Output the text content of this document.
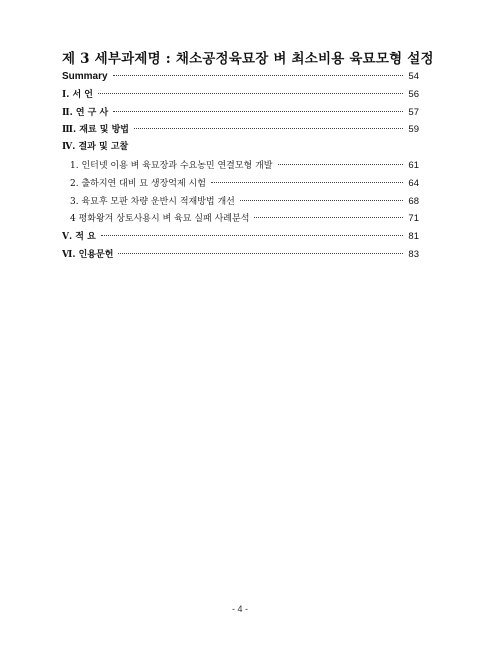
제 3 세부과제명 : 채소공정육묘장 벼 최소비용 육묘모형 설정
Summary	54
Ⅰ. 서 언	56
Ⅱ. 연 구 사	57
Ⅲ. 재료 및 방법	59
Ⅳ. 결과 및 고찰
1. 인터넷 이용 벼 육묘장과 수요농민 연결모형 개발	61
2. 출하지연 대비 묘 생장억제 시험	64
3. 육묘후 모판 차량 운반시 적재방법 개선	68
4 평화왕겨 상토사용시 벼 육묘 실패 사례분석	71
Ⅴ. 적 요	81
Ⅵ. 인용문헌	83
- 4 -
